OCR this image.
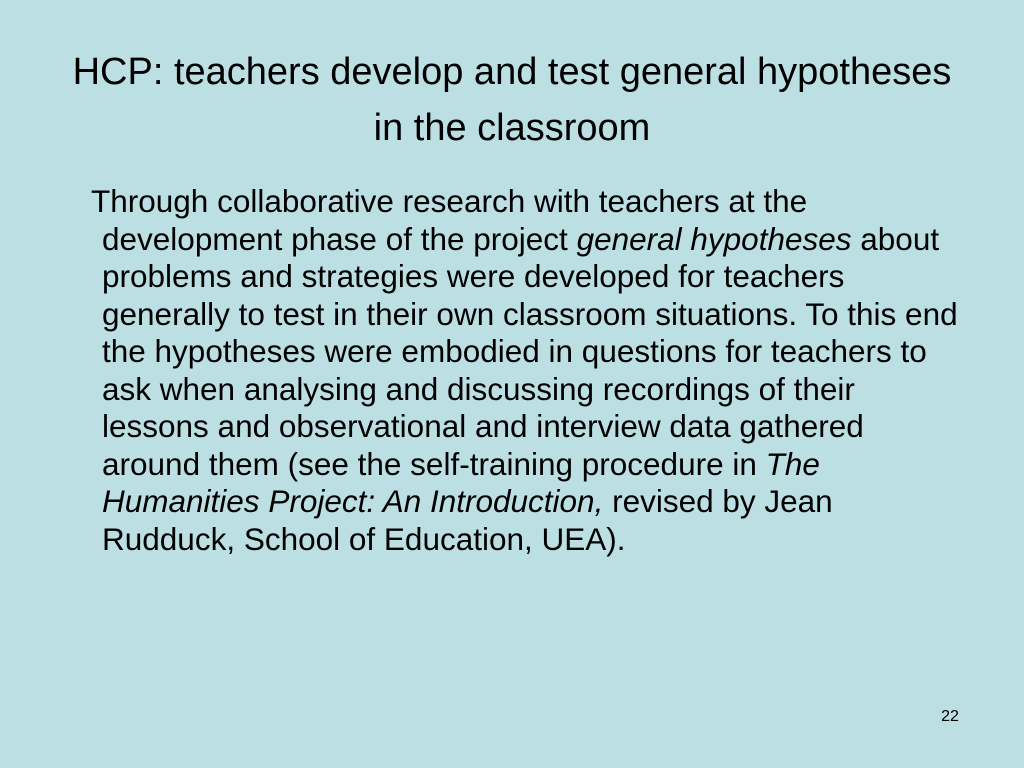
HCP: teachers develop and test general hypotheses in the classroom

Through collaborative research with teachers at the development phase of the project general hypotheses about problems and strategies were developed for teachers generally to test in their own classroom situations. To this end the hypotheses were embodied in questions for teachers to ask when analysing and discussing recordings of their lessons and observational and interview data gathered around them (see the self-training procedure in The Humanities Project: An Introduction, revised by Jean Rudduck, School of Education, UEA).

22
